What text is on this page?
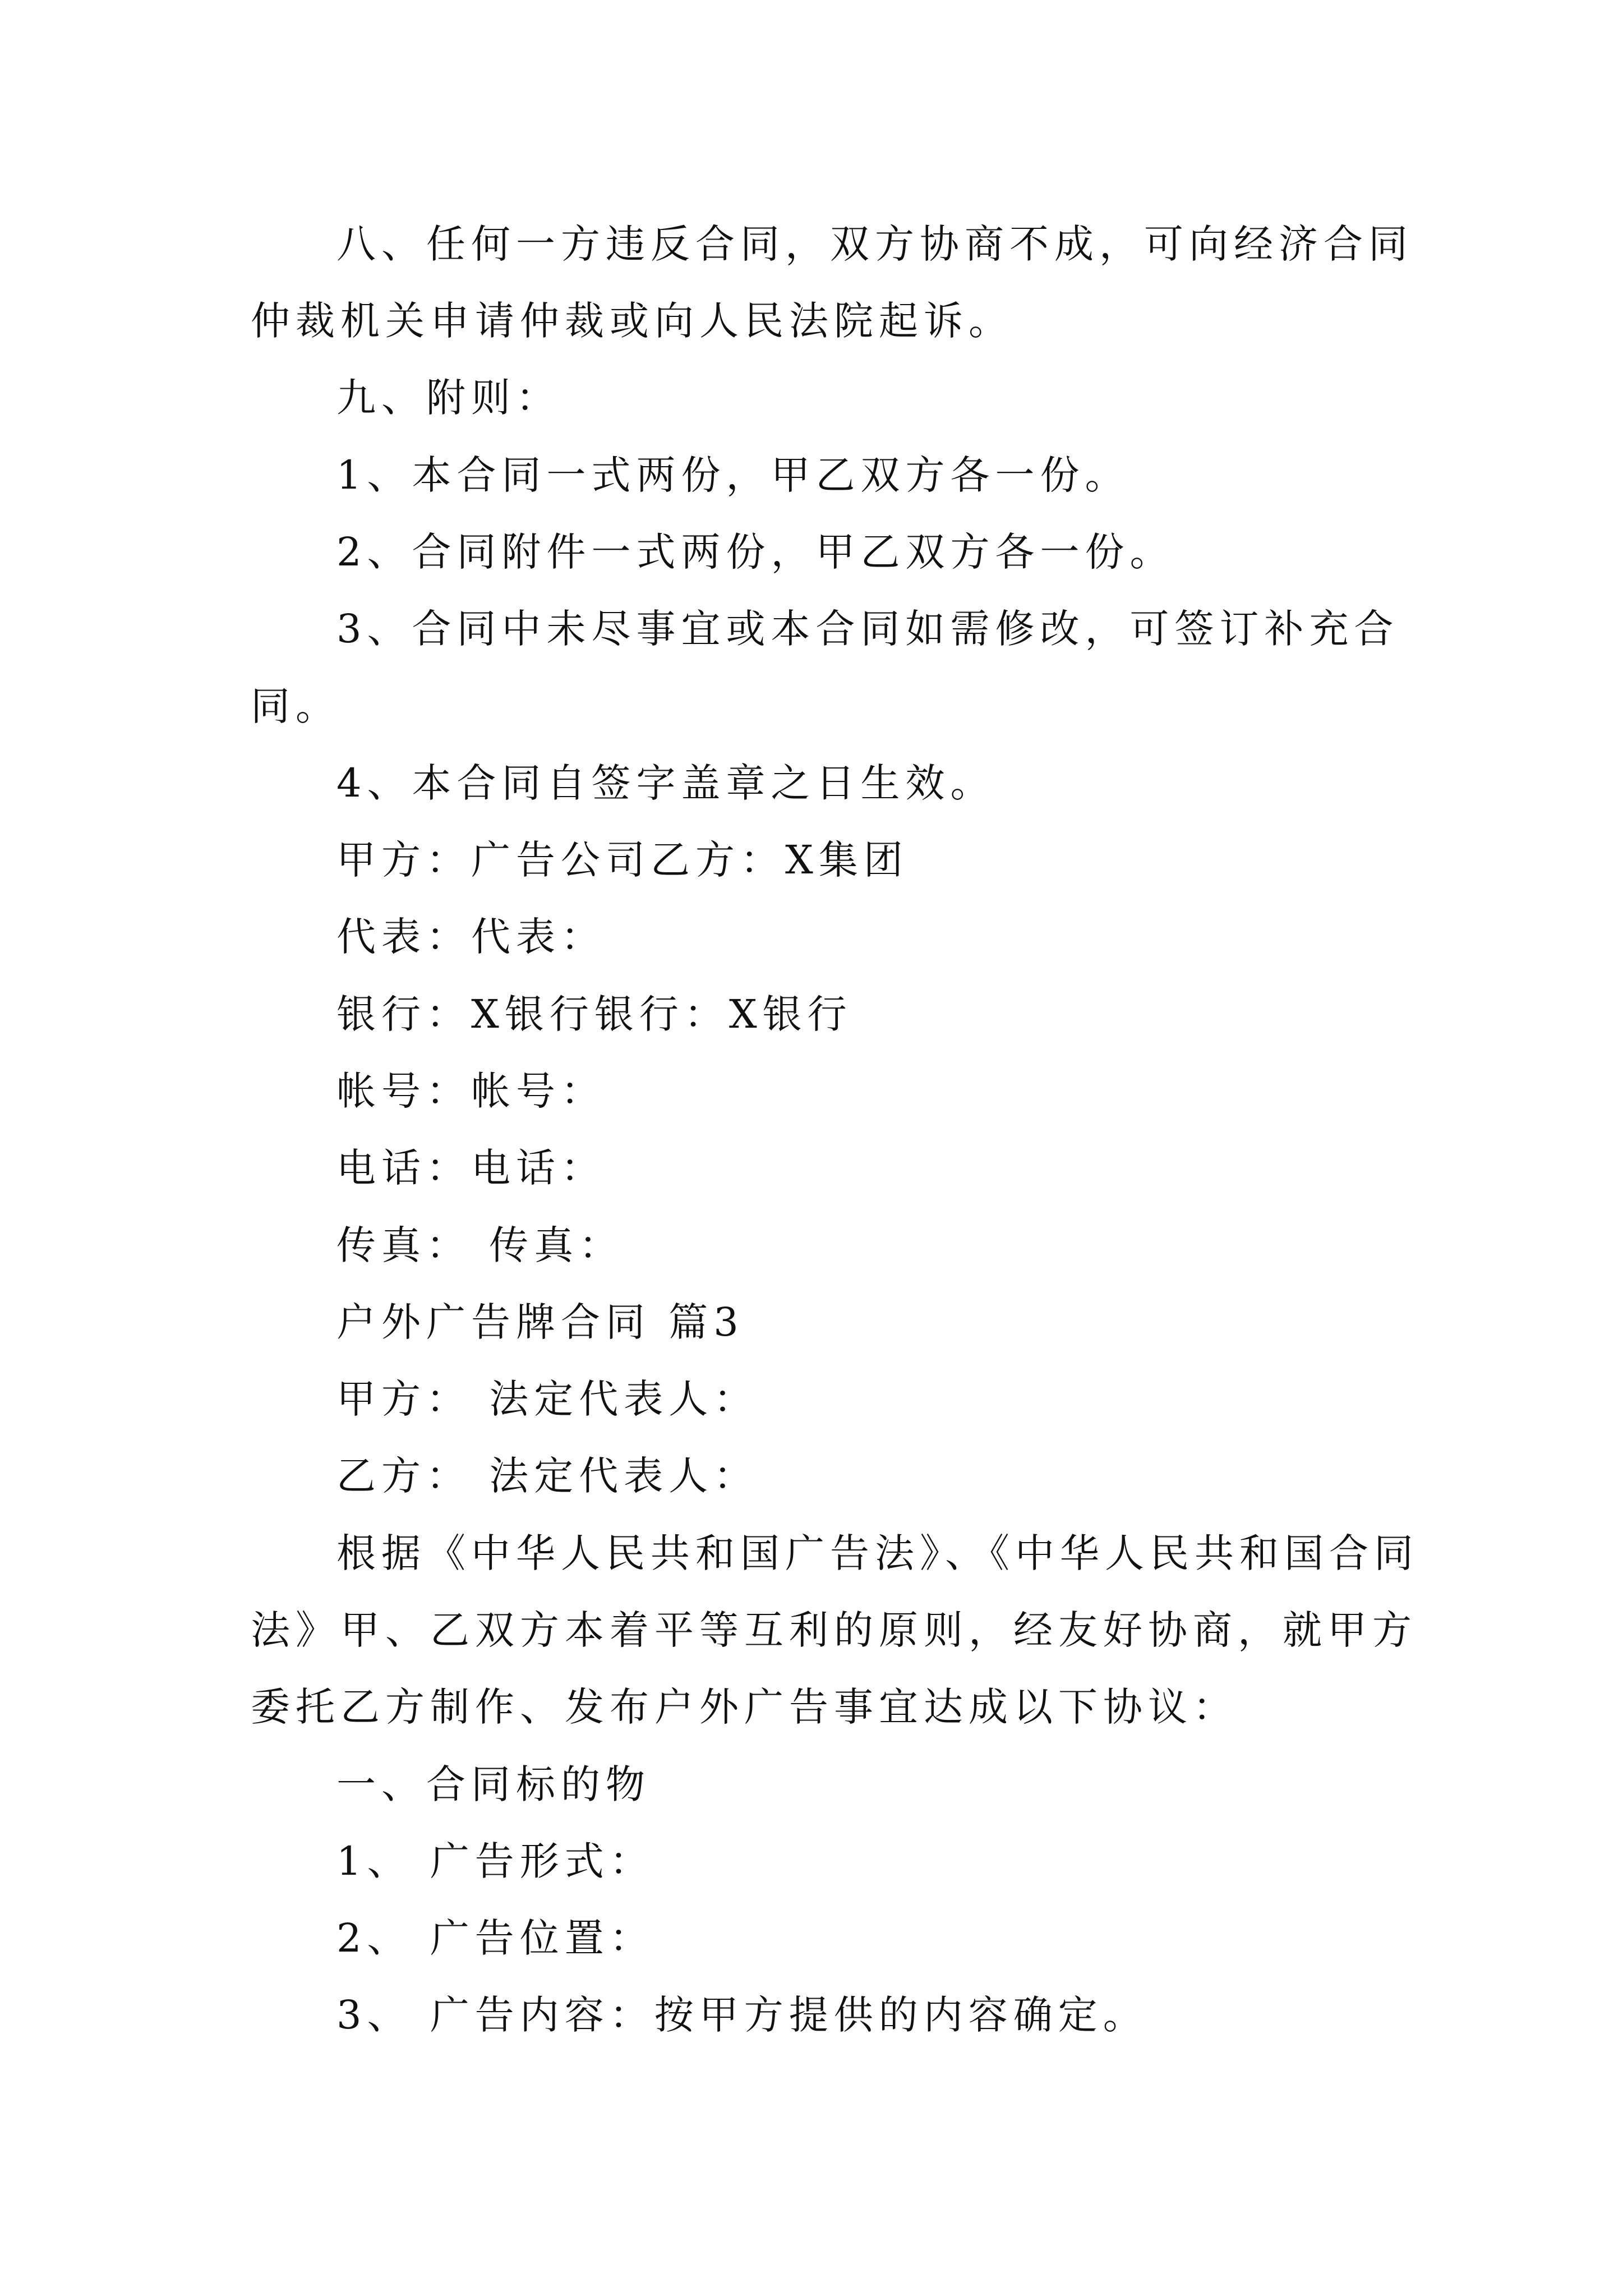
八、任何一方违反合同，双方协商不成，可向经济合同
仲裁机关申请仲裁或向人民法院起诉。
九、附则：
1、本合同一式两份，甲乙双方各一份。
2、合同附件一式两份，甲乙双方各一份。
3、合同中未尽事宜或本合同如需修改，可签订补充合
同。
4、本合同自签字盖章之日生效。
甲方：广告公司乙方：X集团
代表：代表：
银行：X银行银行：X银行
帐号：帐号：
电话：电话：
传真： 传真：
户外广告牌合同 篇3
甲方： 法定代表人：
乙方： 法定代表人：
根据《中华人民共和国广告法》、《中华人民共和国合同
法》甲、乙双方本着平等互利的原则，经友好协商，就甲方
委托乙方制作、发布户外广告事宜达成以下协议：
一、合同标的物
1、 广告形式：
2、 广告位置：
3、 广告内容：按甲方提供的内容确定。
